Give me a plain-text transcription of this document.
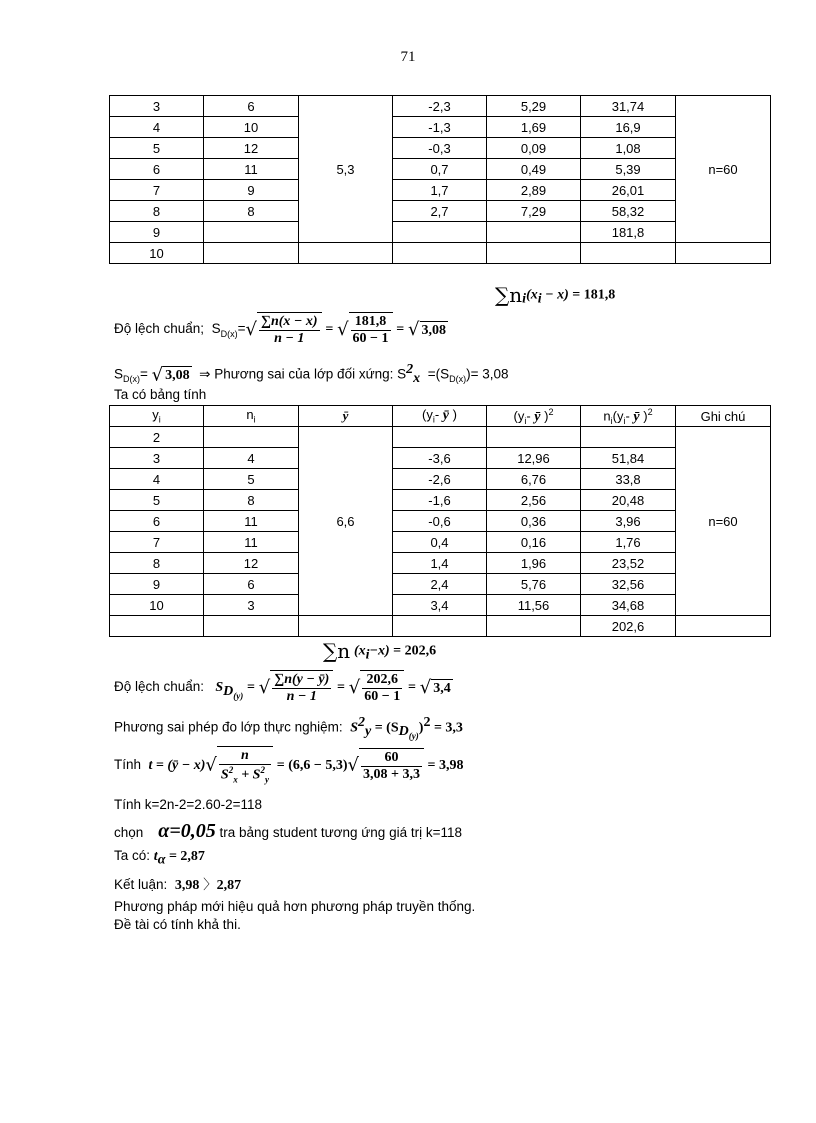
71
3	6	5,3	-2,3	5,29	31,74	n=60
4	10		-1,3	1,69	16,9	
5	12		-0,3	0,09	1,08	
6	11		0,7	0,49	5,39	
7	9		1,7	2,89	26,01	
8	8		2,7	7,29	58,32	
9					181,8	
10						
$\sum n_i(x_i - x) = 181,8$
Độ lệch chuẩn; $S_{D(x)}=√ \frac{\sum n(x - x)}{n - 1}$ = √ $\frac{181,8}{60 - 1}$ = √ 3,08
$S_{D(x)}=$ √ 3,08 ⇒ Phương sai của lớp đối xứng: $S^2_x =(S_{D(x)})= 3,08$
Ta có bảng tính
$y_i$	$n_i$	ȳ	($y_i-$ ȳ )	($y_i-$ ȳ )$^2$	$n_i(y_i-$ ȳ )$^2$	Ghi chú
2		6,6				n=60
3	4		-3,6	12,96	51,84	
4	5		-2,6	6,76	33,8	
5	8		-1,6	2,56	20,48	
6	11		-0,6	0,36	3,96	
7	11		0,4	0,16	1,76	
8	12		1,4	1,96	23,52	
9	6		2,4	5,76	32,56	
10	3		3,4	11,56	34,68	
					202,6	
∑n $(x_i-x) = 202,6$
Độ lệch chuẩn: $S_{D_{(y)}}$ = √ $\frac{\sum n(y - ȳ)}{n - 1}$ = √ $\frac{202,6}{60 - 1}$ = √ 3,4
Phương sai phép đo lớp thực nghiệm: $S^2_y = (S_{D_{(y)}})^2 = 3,3$
Tính t = (ȳ − $x)√ \frac{n}{S^2_x + S^2_y} = (6,6 - 5,3)√ \frac{60}{3,08 + 3,3} = 3,98$
Tính k=2n-2=2.60-2=118
chọn α=0,05 tra bảng student tương ứng giá trị k=118
Ta có: $t_\alpha = 2,87$
Kết luận: 3,98 〉2,87
Phương pháp mới hiệu quả hơn phương pháp truyền thống.
Đề tài có tính khả thi.
